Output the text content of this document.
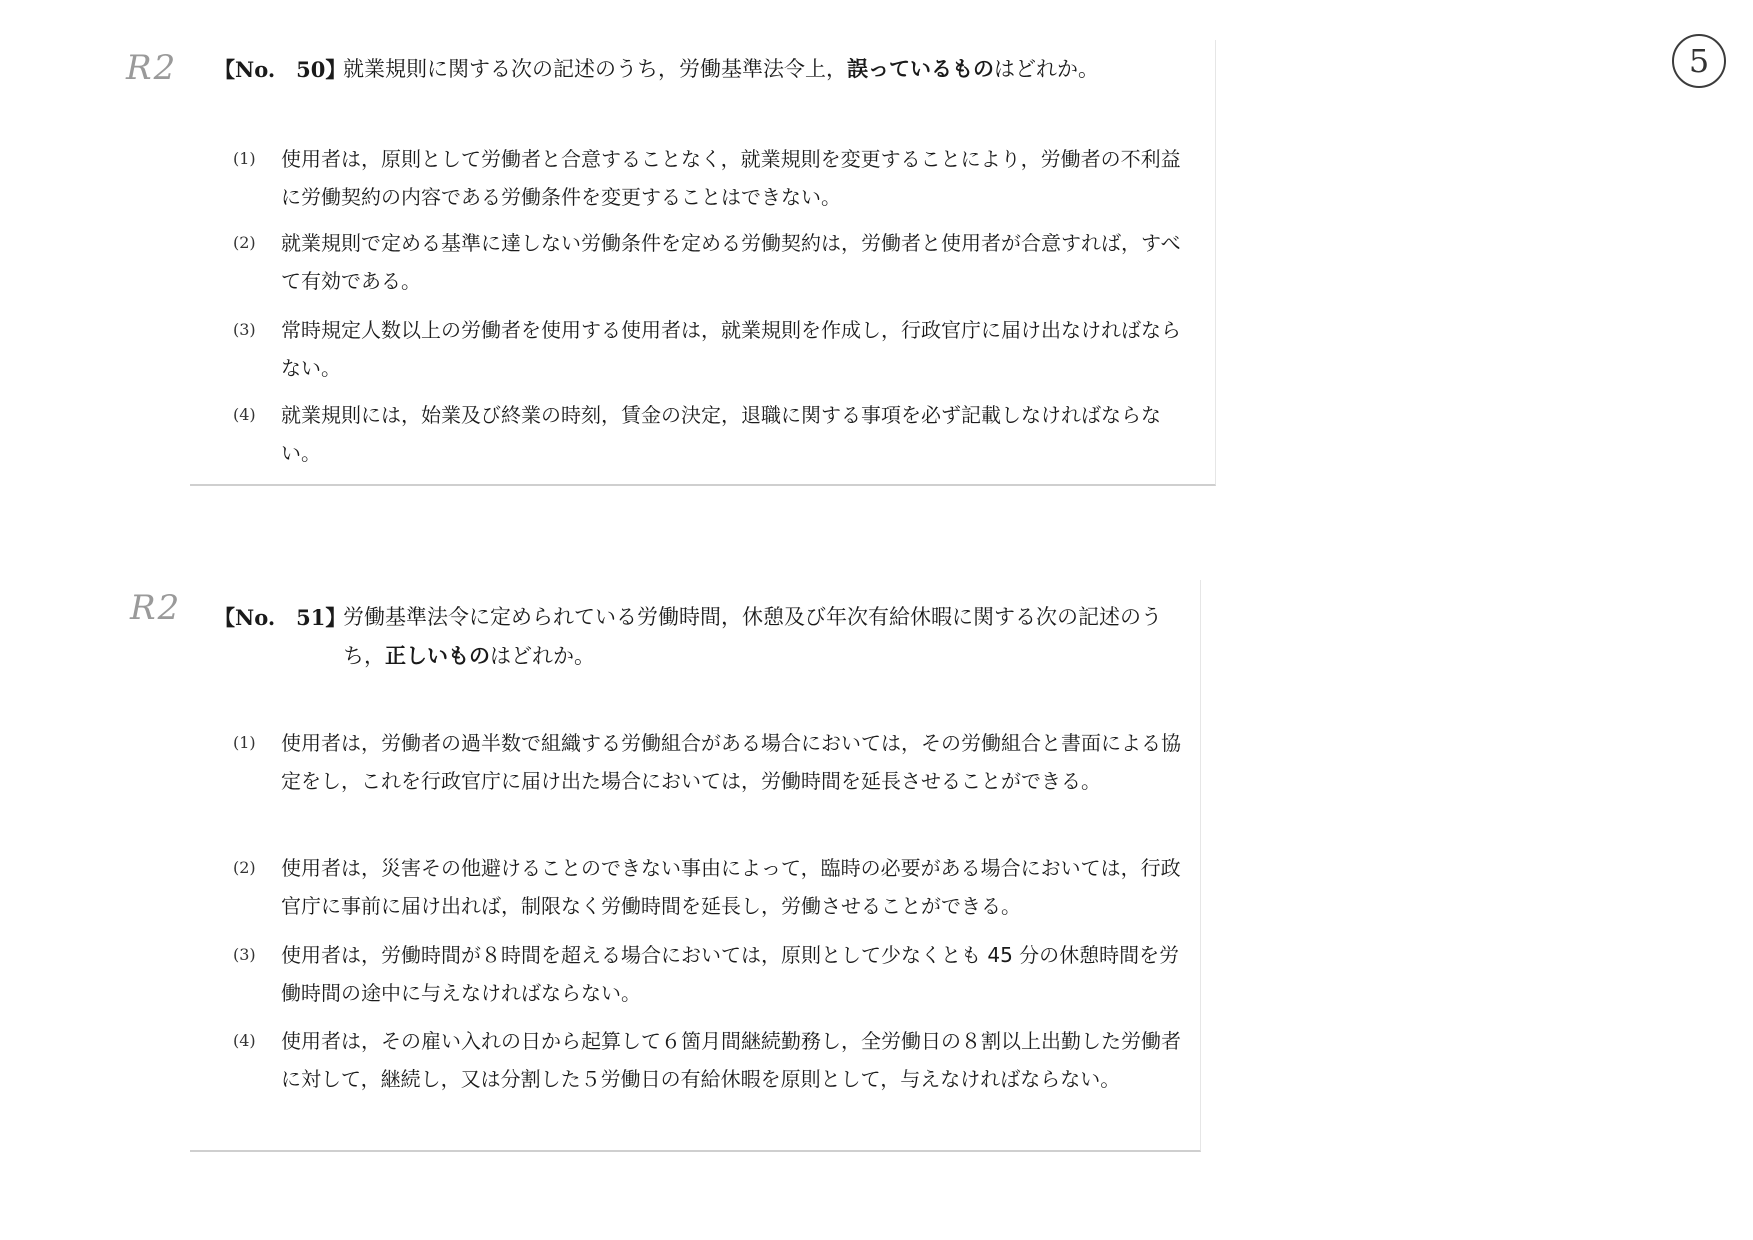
5
R2 【No.　50】
就業規則に関する次の記述のうち，労働基準法令上，誤っているものはどれか。
(1)	使用者は，原則として労働者と合意することなく，就業規則を変更することにより，労働者の不利益に労働契約の内容である労働条件を変更することはできない。
(2)	就業規則で定める基準に達しない労働条件を定める労働契約は，労働者と使用者が合意すれば，すべて有効である。
(3)	常時規定人数以上の労働者を使用する使用者は，就業規則を作成し，行政官庁に届け出なければならない。
(4)	就業規則には，始業及び終業の時刻，賃金の決定，退職に関する事項を必ず記載しなければならない。
R2 【No.　51】
労働基準法令に定められている労働時間，休憩及び年次有給休暇に関する次の記述のうち，正しいものはどれか。
(1)	使用者は，労働者の過半数で組織する労働組合がある場合においては，その労働組合と書面による協定をし，これを行政官庁に届け出た場合においては，労働時間を延長させることができる。
(2)	使用者は，災害その他避けることのできない事由によって，臨時の必要がある場合においては，行政官庁に事前に届け出れば，制限なく労働時間を延長し，労働させることができる。
(3)	使用者は，労働時間が８時間を超える場合においては，原則として少なくとも 45 分の休憩時間を労働時間の途中に与えなければならない。
(4)	使用者は，その雇い入れの日から起算して６箇月間継続勤務し，全労働日の８割以上出勤した労働者に対して，継続し，又は分割した５労働日の有給休暇を原則として，与えなければならない。
